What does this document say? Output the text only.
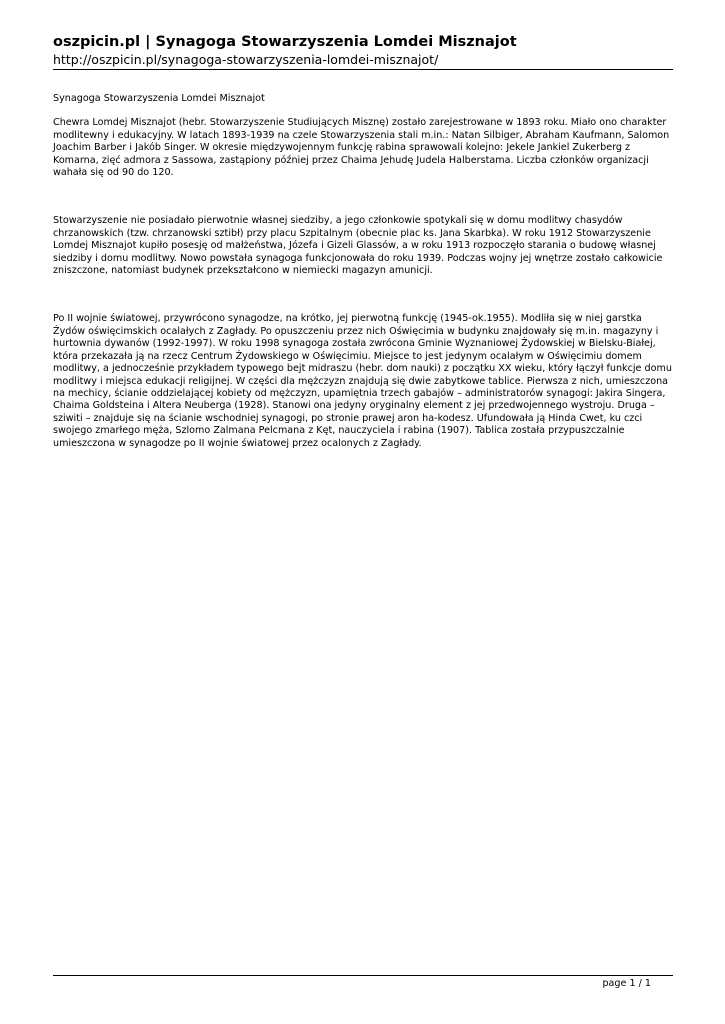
oszpicin.pl | Synagoga Stowarzyszenia Lomdei Misznajot

http://oszpicin.pl/synagoga-stowarzyszenia-lomdei-misznajot/

Synagoga Stowarzyszenia Lomdei Misznajot

Chewra Lomdej Misznajot (hebr. Stowarzyszenie Studiujących Misznę) zostało zarejestrowane w 1893 roku. Miało ono charakter modlitewny i edukacyjny. W latach 1893-1939 na czele Stowarzyszenia stali m.in.: Natan Silbiger, Abraham Kaufmann, Salomon Joachim Barber i Jakób Singer. W okresie międzywojennym funkcję rabina sprawowali kolejno: Jekele Jankiel Zukerberg z Komarna, zięć admora z Sassowa, zastąpiony później przez Chaima Jehudę Judela Halberstama. Liczba członków organizacji wahała się od 90 do 120.

Stowarzyszenie nie posiadało pierwotnie własnej siedziby, a jego członkowie spotykali się w domu modlitwy chasydów chrzanowskich (tzw. chrzanowski sztibł) przy placu Szpitalnym (obecnie plac ks. Jana Skarbka). W roku 1912 Stowarzyszenie Lomdej Misznajot kupiło posesję od małżeństwa, Józefa i Gizeli Glassów, a w roku 1913 rozpoczęło starania o budowę własnej siedziby i domu modlitwy. Nowo powstała synagoga funkcjonowała do roku 1939. Podczas wojny jej wnętrze zostało całkowicie zniszczone, natomiast budynek przekształcono w niemiecki magazyn amunicji.

Po II wojnie światowej, przywrócono synagodze, na krótko, jej pierwotną funkcję (1945-ok.1955). Modliła się w niej garstka Żydów oświęcimskich ocalałych z Zagłady. Po opuszczeniu przez nich Oświęcimia w budynku znajdowały się m.in. magazyny i hurtownia dywanów (1992-1997). W roku 1998 synagoga została zwrócona Gminie Wyznaniowej Żydowskiej w Bielsku-Białej, która przekazała ją na rzecz Centrum Żydowskiego w Oświęcimiu. Miejsce to jest jedynym ocalałym w Oświęcimiu domem modlitwy, a jednocześnie przykładem typowego bejt midraszu (hebr. dom nauki) z początku XX wieku, który łączył funkcje domu modlitwy i miejsca edukacji religijnej. W części dla mężczyzn znajdują się dwie zabytkowe tablice. Pierwsza z nich, umieszczona na mechicy, ścianie oddzielającej kobiety od mężczyzn, upamiętnia trzech gabajów – administratorów synagogi: Jakira Singera, Chaima Goldsteina i Altera Neuberga (1928). Stanowi ona jedyny oryginalny element z jej przedwojennego wystroju. Druga – sziwiti – znajduje się na ścianie wschodniej synagogi, po stronie prawej aron ha-kodesz. Ufundowała ją Hinda Cwet, ku czci swojego zmarłego męża, Szlomo Zalmana Pelcmana z Kęt, nauczyciela i rabina (1907). Tablica została przypuszczalnie umieszczona w synagodze po II wojnie światowej przez ocalonych z Zagłady.

page 1 / 1
